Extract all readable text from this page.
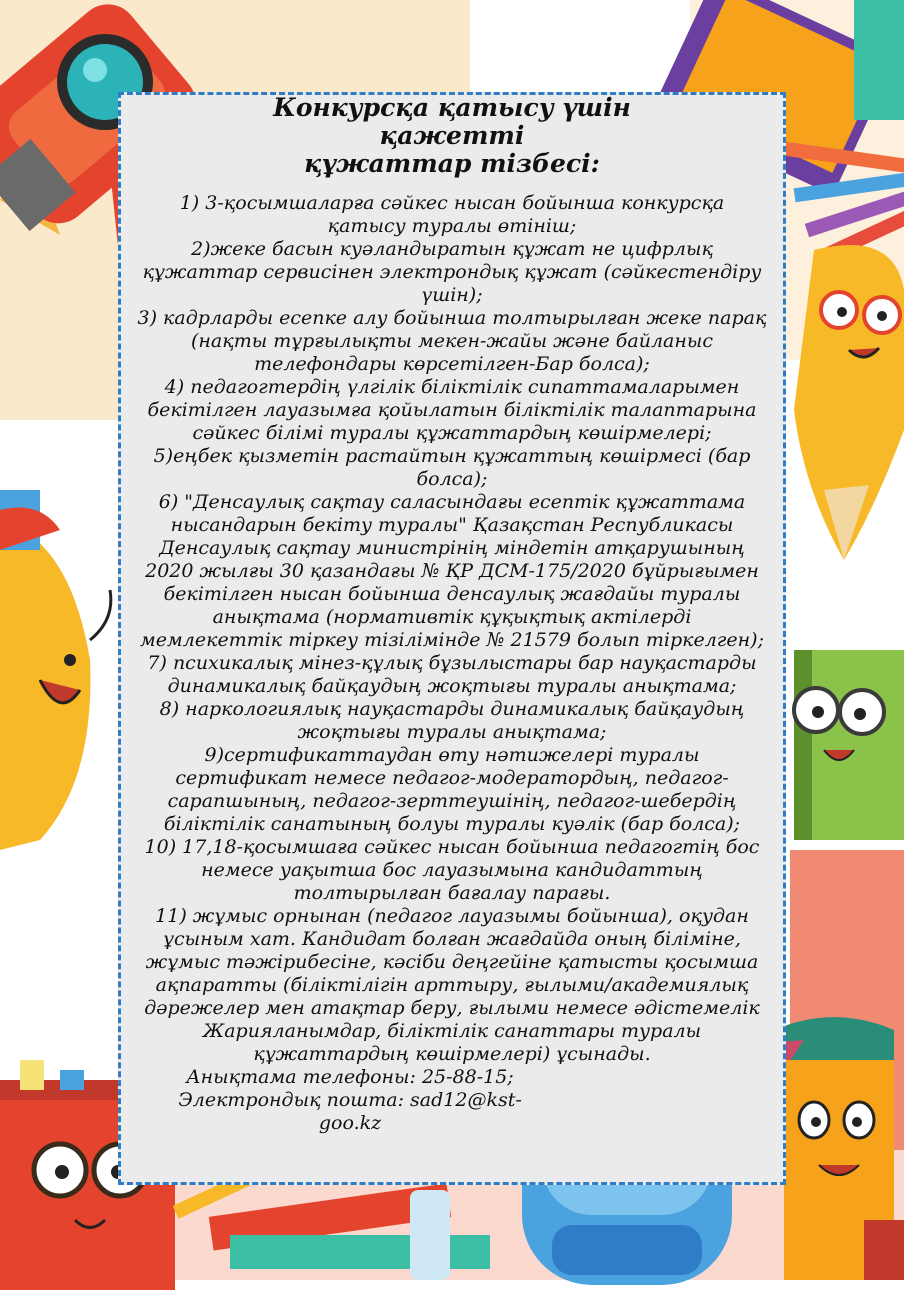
Конкурсқа қатысу үшін
қажетті
құжаттар тізбесі:
1) 3-қосымшаларға сәйкес нысан бойынша конкурсқа
қатысу туралы өтініш;
2)жеке басын куәландыратын құжат не цифрлық
құжаттар сервисінен электрондық құжат (сәйкестендіру
үшін);
3) кадрларды есепке алу бойынша толтырылған жеке парақ
(нақты тұрғылықты мекен-жайы және байланыс
телефондары көрсетілген-Бар болса);
4) педагогтердің үлгілік біліктілік сипаттамаларымен
бекітілген лауазымға қойылатын біліктілік талаптарына
сәйкес білімі туралы құжаттардың көшірмелері;
5)еңбек қызметін растайтын құжаттың көшірмесі (бар
болса);
6) "Денсаулық сақтау саласындағы есептік құжаттама
нысандарын бекіту туралы" Қазақстан Республикасы
Денсаулық сақтау министрінің міндетін атқарушының
2020 жылғы 30 қазандағы № ҚР ДСМ-175/2020 бұйрығымен
бекітілген нысан бойынша денсаулық жағдайы туралы
анықтама (нормативтік құқықтық актілерді
мемлекеттік тіркеу тізілімінде № 21579 болып тіркелген);
7) психикалық мінез-құлық бұзылыстары бар науқастарды
динамикалық байқаудың жоқтығы туралы анықтама;
8) наркологиялық науқастарды динамикалық байқаудың
жоқтығы туралы анықтама;
9)сертификаттаудан өту нәтижелері туралы
сертификат немесе педагог-модератордың, педагог-
сарапшының, педагог-зерттеушінің, педагог-шебердің
біліктілік санатының болуы туралы куәлік (бар болса);
10) 17,18-қосымшаға сәйкес нысан бойынша педагогтің бос
немесе уақытша бос лауазымына кандидаттың
толтырылған бағалау парағы.
11) жұмыс орнынан (педагог лауазымы бойынша), оқудан
ұсыным хат. Кандидат болған жағдайда оның біліміне,
жұмыс тәжірибесіне, кәсіби деңгейіне қатысты қосымша
ақпаратты (біліктілігін арттыру, ғылыми/академиялық
дәрежелер мен атақтар беру, ғылыми немесе әдістемелік
Жарияланымдар, біліктілік санаттары туралы
құжаттардың көшірмелері) ұсынады.
Анықтама телефоны: 25-88-15;
Электрондық пошта: sad12@kst-
goo.kz
